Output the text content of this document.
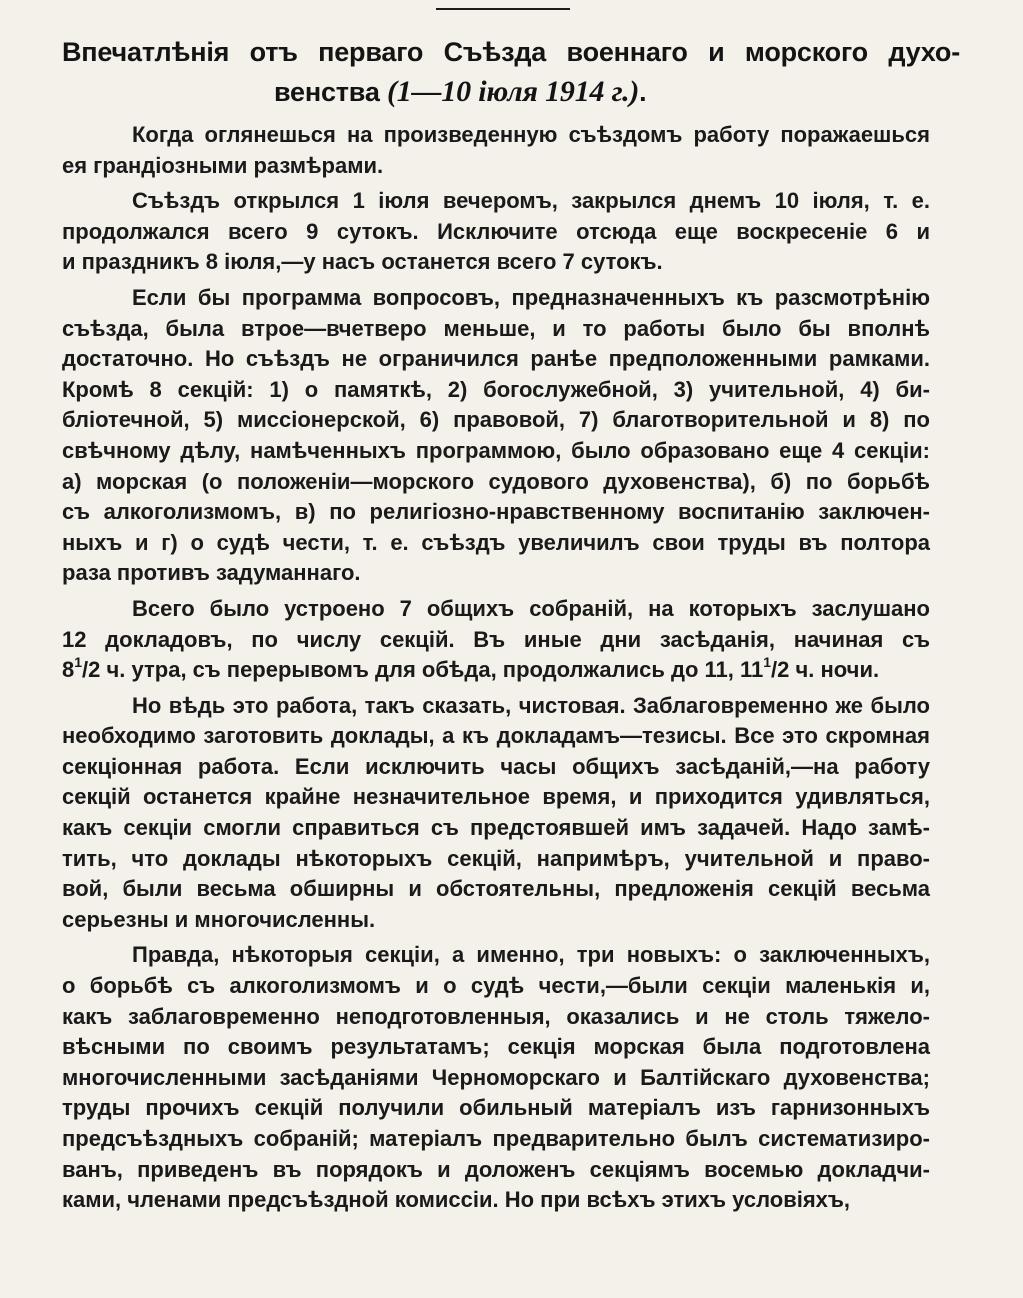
Впечатлѣнія отъ перваго Съѣзда военнаго и морского духо-
венства (1—10 іюля 1914 г.).

Когда оглянешься на произведенную съѣздомъ работу поражаешься
ея грандіозными размѣрами.

Съѣздъ открылся 1 іюля вечеромъ, закрылся днемъ 10 іюля, т. е.
продолжался всего 9 сутокъ. Исключите отсюда еще воскресеніе 6 и
и праздникъ 8 іюля,—у насъ останется всего 7 сутокъ.

Если бы программа вопросовъ, предназначенныхъ къ разсмотрѣнію
съѣзда, была втрое—вчетверо меньше, и то работы было бы вполнѣ
достаточно. Но съѣздъ не ограничился ранѣе предположенными рамками.
Кромѣ 8 секцій: 1) о памяткѣ, 2) богослужебной, 3) учительной, 4) би-
бліотечной, 5) миссіонерской, 6) правовой, 7) благотворительной и 8) по
свѣчному дѣлу, намѣченныхъ программою, было образовано еще 4 секціи:
а) морская (о положеніи—морского судового духовенства), б) по борьбѣ
съ алкоголизмомъ, в) по религіозно-нравственному воспитанію заключен-
ныхъ и г) о судѣ чести, т. е. съѣздъ увеличилъ свои труды въ полтора
раза противъ задуманнаго.

Всего было устроено 7 общихъ собраній, на которыхъ заслушано
12 докладовъ, по числу секцій. Въ иные дни засѣданія, начиная съ
$8^1/2$ ч. утра, съ перерывомъ для обѣда, продолжались до 11, $11^1/2$ ч. ночи.

Но вѣдь это работа, такъ сказать, чистовая. Заблаговременно же было
необходимо заготовить доклады, а къ докладамъ—тезисы. Все это скромная
секціонная работа. Если исключить часы общихъ засѣданій,—на работу
секцій останется крайне незначительное время, и приходится удивляться,
какъ секціи смогли справиться съ предстоявшей имъ задачей. Надо замѣ-
тить, что доклады нѣкоторыхъ секцій, напримѣръ, учительной и право-
вой, были весьма обширны и обстоятельны, предложенія секцій весьма
серьезны и многочисленны.

Правда, нѣкоторыя секціи, а именно, три новыхъ: о заключенныхъ,
о борьбѣ съ алкоголизмомъ и о судѣ чести,—были секціи маленькія и,
какъ заблаговременно неподготовленныя, оказались и не столь тяжело-
вѣсными по своимъ результатамъ; секція морская была подготовлена
многочисленными засѣданіями Черноморскаго и Балтійскаго духовенства;
труды прочихъ секцій получили обильный матеріалъ изъ гарнизонныхъ
предсъѣздныхъ собраній; матеріалъ предварительно былъ систематизиро-
ванъ, приведенъ въ порядокъ и доложенъ секціямъ восемью докладчи-
ками, членами предсъѣздной комиссіи. Но при всѣхъ этихъ условіяхъ,
